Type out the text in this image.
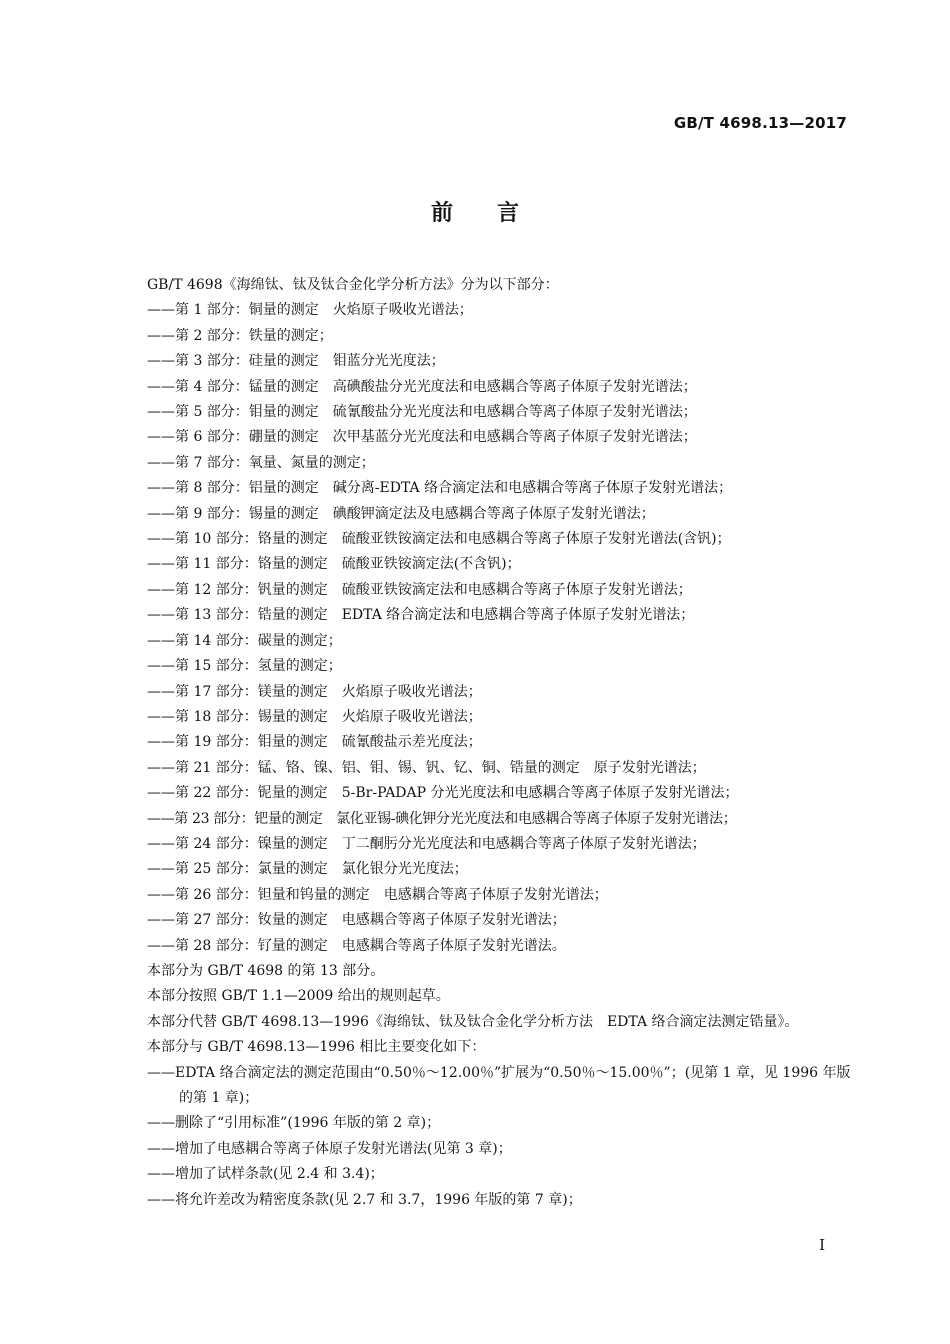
GB/T 4698.13—2017
前言
GB/T 4698《海绵钛、钛及钛合金化学分析方法》分为以下部分：
——第 1 部分：铜量的测定　火焰原子吸收光谱法；
——第 2 部分：铁量的测定；
——第 3 部分：硅量的测定　钼蓝分光光度法；
——第 4 部分：锰量的测定　高碘酸盐分光光度法和电感耦合等离子体原子发射光谱法；
——第 5 部分：钼量的测定　硫氰酸盐分光光度法和电感耦合等离子体原子发射光谱法；
——第 6 部分：硼量的测定　次甲基蓝分光光度法和电感耦合等离子体原子发射光谱法；
——第 7 部分：氧量、氮量的测定；
——第 8 部分：铝量的测定　碱分离-EDTA 络合滴定法和电感耦合等离子体原子发射光谱法；
——第 9 部分：锡量的测定　碘酸钾滴定法及电感耦合等离子体原子发射光谱法；
——第 10 部分：铬量的测定　硫酸亚铁铵滴定法和电感耦合等离子体原子发射光谱法(含钒)；
——第 11 部分：铬量的测定　硫酸亚铁铵滴定法(不含钒)；
——第 12 部分：钒量的测定　硫酸亚铁铵滴定法和电感耦合等离子体原子发射光谱法；
——第 13 部分：锆量的测定　EDTA 络合滴定法和电感耦合等离子体原子发射光谱法；
——第 14 部分：碳量的测定；
——第 15 部分：氢量的测定；
——第 17 部分：镁量的测定　火焰原子吸收光谱法；
——第 18 部分：锡量的测定　火焰原子吸收光谱法；
——第 19 部分：钼量的测定　硫氰酸盐示差光度法；
——第 21 部分：锰、铬、镍、铝、钼、锡、钒、钇、铜、锆量的测定　原子发射光谱法；
——第 22 部分：铌量的测定　5-Br-PADAP 分光光度法和电感耦合等离子体原子发射光谱法；
——第 23 部分：钯量的测定　氯化亚锡-碘化钾分光光度法和电感耦合等离子体原子发射光谱法；
——第 24 部分：镍量的测定　丁二酮肟分光光度法和电感耦合等离子体原子发射光谱法；
——第 25 部分：氯量的测定　氯化银分光光度法；
——第 26 部分：钽量和钨量的测定　电感耦合等离子体原子发射光谱法；
——第 27 部分：钕量的测定　电感耦合等离子体原子发射光谱法；
——第 28 部分：钌量的测定　电感耦合等离子体原子发射光谱法。
本部分为 GB/T 4698 的第 13 部分。
本部分按照 GB/T 1.1—2009 给出的规则起草。
本部分代替 GB/T 4698.13—1996《海绵钛、钛及钛合金化学分析方法　EDTA 络合滴定法测定锆量》。
本部分与 GB/T 4698.13—1996 相比主要变化如下：
——EDTA 络合滴定法的测定范围由“0.50％～12.00％”扩展为“0.50％～15.00％”；(见第 1 章，见 1996 年版的第 1 章)；
——删除了“引用标准”(1996 年版的第 2 章)；
——增加了电感耦合等离子体原子发射光谱法(见第 3 章)；
——增加了试样条款(见 2.4 和 3.4)；
——将允许差改为精密度条款(见 2.7 和 3.7，1996 年版的第 7 章)；
I
